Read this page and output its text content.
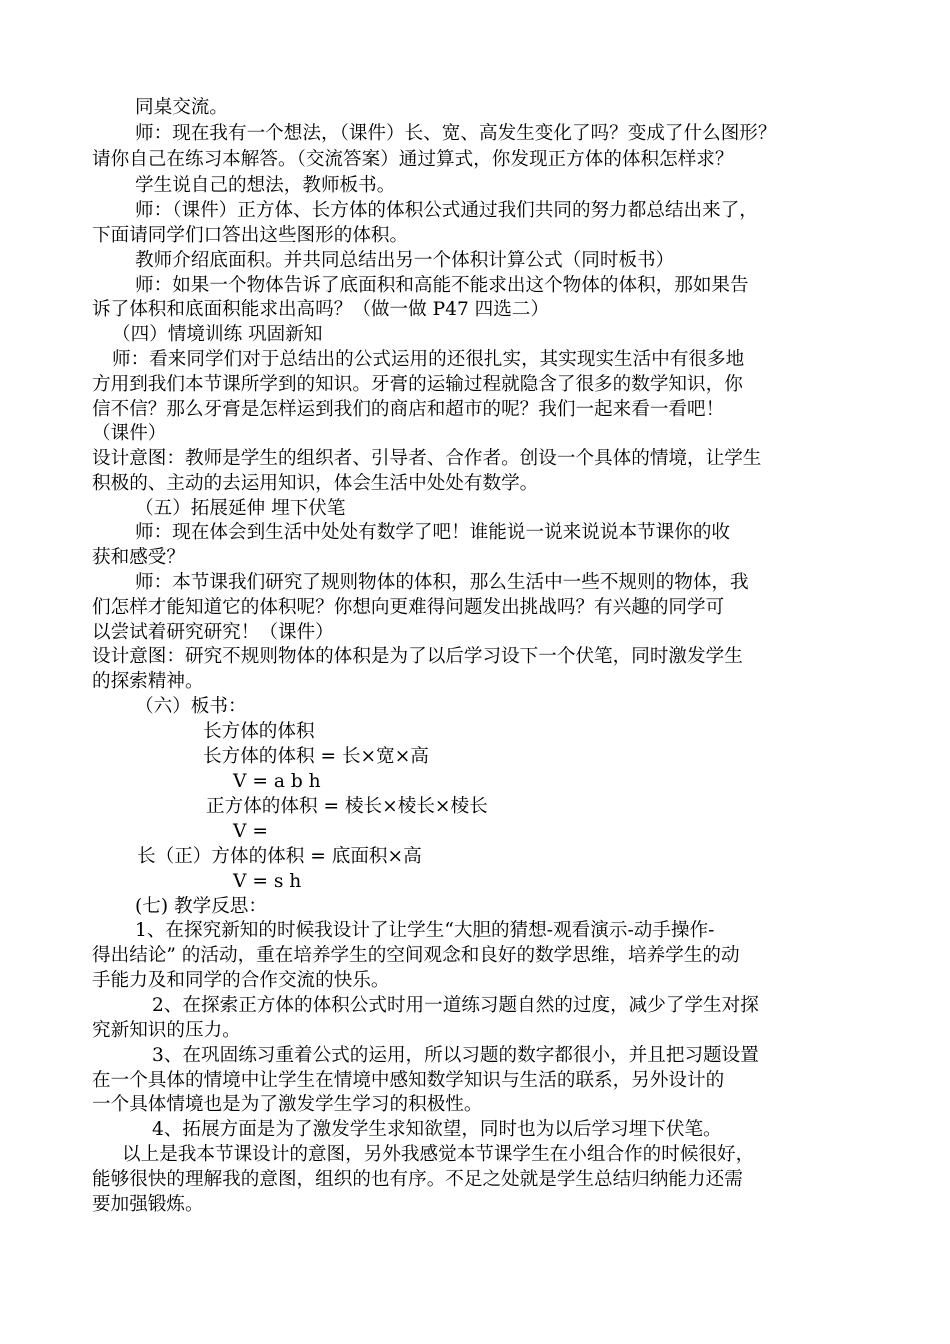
同桌交流。
师：现在我有一个想法，（课件）长、宽、高发生变化了吗？变成了什么图形？
请你自己在练习本解答。（交流答案）通过算式，你发现正方体的体积怎样求？
学生说自己的想法，教师板书。
师：（课件）正方体、长方体的体积公式通过我们共同的努力都总结出来了，
下面请同学们口答出这些图形的体积。
教师介绍底面积。并共同总结出另一个体积计算公式（同时板书）
师：如果一个物体告诉了底面积和高能不能求出这个物体的体积，那如果告
诉了体积和底面积能求出高吗？（做一做 P47 四选二）
（四）情境训练 巩固新知
师：看来同学们对于总结出的公式运用的还很扎实，其实现实生活中有很多地
方用到我们本节课所学到的知识。牙膏的运输过程就隐含了很多的数学知识，你
信不信？那么牙膏是怎样运到我们的商店和超市的呢？我们一起来看一看吧！
（课件）
设计意图：教师是学生的组织者、引导者、合作者。创设一个具体的情境，让学生
积极的、主动的去运用知识，体会生活中处处有数学。
（五）拓展延伸 埋下伏笔
师：现在体会到生活中处处有数学了吧！谁能说一说来说说本节课你的收
获和感受？
师：本节课我们研究了规则物体的体积，那么生活中一些不规则的物体，我
们怎样才能知道它的体积呢？你想向更难得问题发出挑战吗？有兴趣的同学可
以尝试着研究研究！（课件）
设计意图：研究不规则物体的体积是为了以后学习设下一个伏笔，同时激发学生
的探索精神。
（六）板书：
长方体的体积
长方体的体积 = 长×宽×高
V = a b h
正方体的体积 = 棱长×棱长×棱长
V =
长（正）方体的体积 = 底面积×高
V = s h
(七) 教学反思：
1、在探究新知的时候我设计了让学生“大胆的猜想-观看演示-动手操作-
得出结论” 的活动，重在培养学生的空间观念和良好的数学思维，培养学生的动
手能力及和同学的合作交流的快乐。
2、在探索正方体的体积公式时用一道练习题自然的过度，减少了学生对探
究新知识的压力。
3、在巩固练习重着公式的运用，所以习题的数字都很小，并且把习题设置
在一个具体的情境中让学生在情境中感知数学知识与生活的联系，另外设计的
一个具体情境也是为了激发学生学习的积极性。
4、拓展方面是为了激发学生求知欲望，同时也为以后学习埋下伏笔。
以上是我本节课设计的意图，另外我感觉本节课学生在小组合作的时候很好，
能够很快的理解我的意图，组织的也有序。不足之处就是学生总结归纳能力还需
要加强锻炼。
